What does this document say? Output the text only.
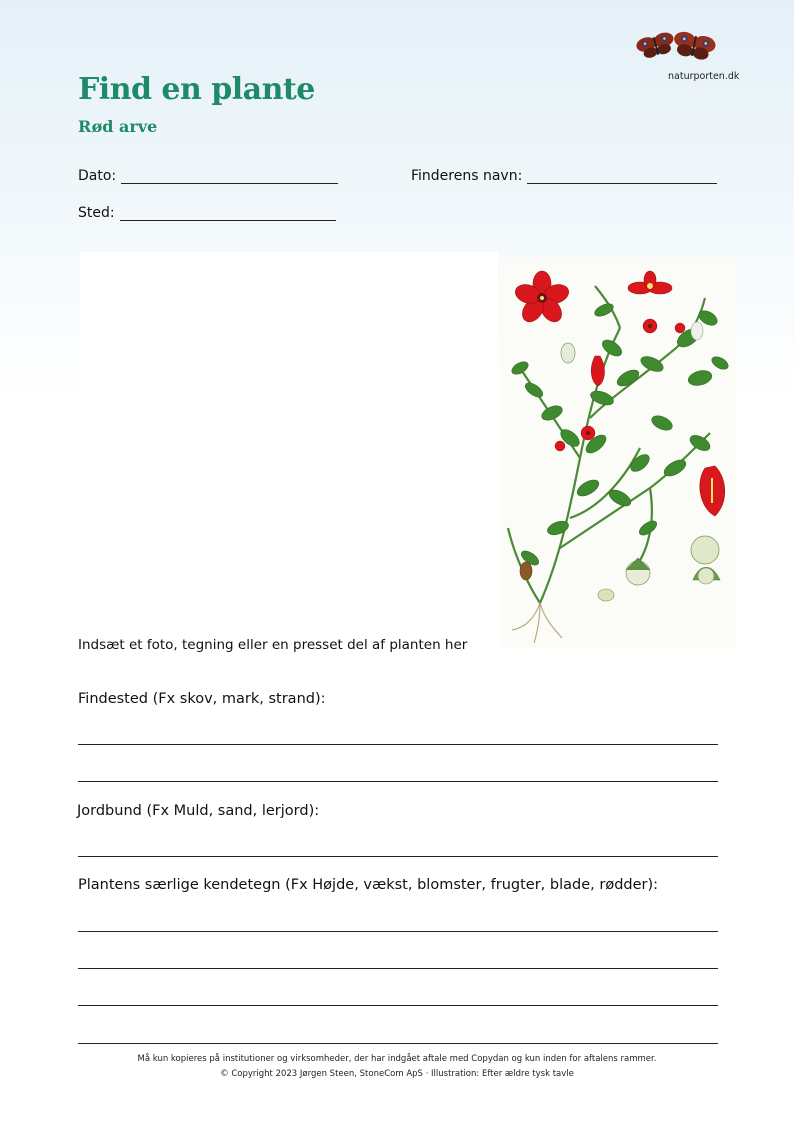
naturporten.dk
Find en plante
Rød arve
Dato:	Finderens navn:
Sted:
Indsæt et foto, tegning eller en presset del af planten her
Findested (Fx skov, mark, strand):
Jordbund (Fx Muld, sand, lerjord):
Plantens særlige kendetegn (Fx Højde, vækst, blomster, frugter, blade, rødder):
Må kun kopieres på institutioner og virksomheder, der har indgået aftale med Copydan og kun inden for aftalens rammer.
© Copyright 2023 Jørgen Steen, StoneCom ApS · Illustration: Efter ældre tysk tavle
